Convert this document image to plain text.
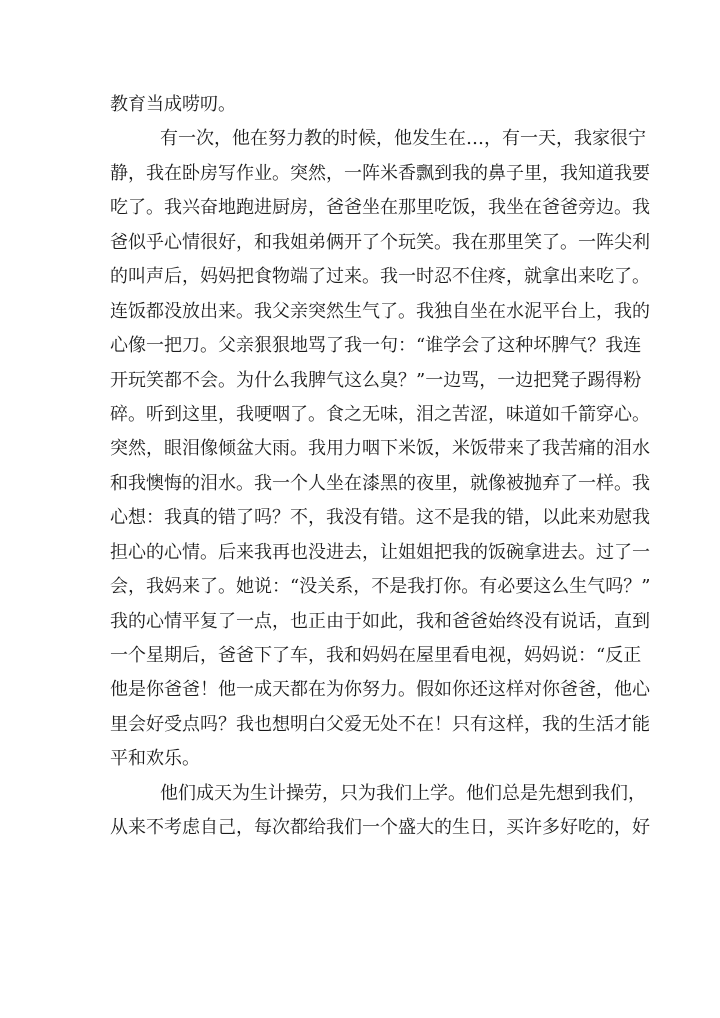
教育当成唠叨。
有 一 次 ， 他 在 努 力 教 的 时 候 ， 他 发 生 在 … ， 有 一 天 ， 我 家 很 宁
静 ， 我 在 卧 房 写 作 业 。 突 然 ， 一 阵 米 香 飘 到 我 的 鼻 子 里 ， 我 知 道 我 要
吃 了 。 我 兴 奋 地 跑 进 厨 房 ， 爸 爸 坐 在 那 里 吃 饭 ， 我 坐 在 爸 爸 旁 边 。 我
爸 似 乎 心 情 很 好 ， 和 我 姐 弟 俩 开 了 个 玩 笑 。 我 在 那 里 笑 了 。 一 阵 尖 利
的 叫 声 后 ， 妈 妈 把 食 物 端 了 过 来 。 我 一 时 忍 不 住 疼 ， 就 拿 出 来 吃 了 。
连 饭 都 没 放 出 来 。 我 父 亲 突 然 生 气 了 。 我 独 自 坐 在 水 泥 平 台 上 ， 我 的
心 像 一 把 刀 。 父 亲 狠 狠 地 骂 了 我 一 句 ： “ 谁 学 会 了 这 种 坏 脾 气 ？ 我 连
开 玩 笑 都 不 会 。 为 什 么 我 脾 气 这 么 臭 ？ ” 一 边 骂 ， 一 边 把 凳 子 踢 得 粉
碎 。 听 到 这 里 ， 我 哽 咽 了 。 食 之 无 味 ， 泪 之 苦 涩 ， 味 道 如 千 箭 穿 心 。
突 然 ， 眼 泪 像 倾 盆 大 雨 。 我 用 力 咽 下 米 饭 ， 米 饭 带 来 了 我 苦 痛 的 泪 水
和 我 懊 悔 的 泪 水 。 我 一 个 人 坐 在 漆 黑 的 夜 里 ， 就 像 被 抛 弃 了 一 样 。 我
心 想 ： 我 真 的 错 了 吗 ？ 不 ， 我 没 有 错 。 这 不 是 我 的 错 ， 以 此 来 劝 慰 我
担 心 的 心 情 。 后 来 我 再 也 没 进 去 ， 让 姐 姐 把 我 的 饭 碗 拿 进 去 。 过 了 一
会 ， 我 妈 来 了 。 她 说 ： “ 没 关 系 ， 不 是 我 打 你 。 有 必 要 这 么 生 气 吗 ？ ”
我 的 心 情 平 复 了 一 点 ， 也 正 由 于 如 此 ， 我 和 爸 爸 始 终 没 有 说 话 ， 直 到
一 个 星 期 后 ， 爸 爸 下 了 车 ， 我 和 妈 妈 在 屋 里 看 电 视 ， 妈 妈 说 ： “ 反 正
他 是 你 爸 爸 ！ 他 一 成 天 都 在 为 你 努 力 。 假 如 你 还 这 样 对 你 爸 爸 ， 他 心
里 会 好 受 点 吗 ？ 我 也 想 明 白 父 爱 无 处 不 在 ！ 只 有 这 样 ， 我 的 生 活 才 能
平和欢乐。
他 们 成 天 为 生 计 操 劳 ， 只 为 我 们 上 学 。 他 们 总 是 先 想 到 我 们 ，
从 来 不 考 虑 自 己 ， 每 次 都 给 我 们 一 个 盛 大 的 生 日 ， 买 许 多 好 吃 的 ， 好
